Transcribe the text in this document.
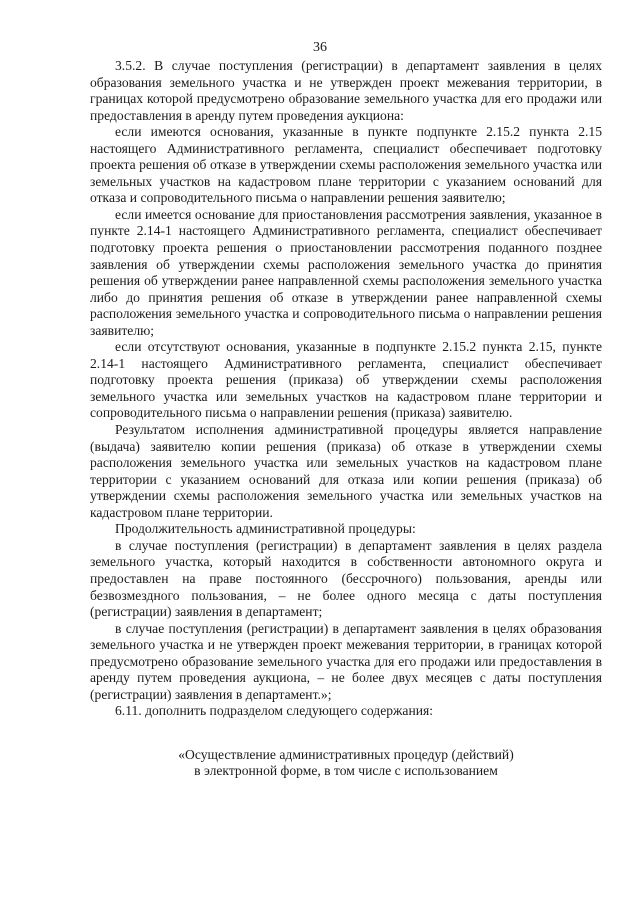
36

3.5.2. В случае поступления (регистрации) в департамент заявления в целях образования земельного участка и не утвержден проект межевания территории, в границах которой предусмотрено образование земельного участка для его продажи или предоставления в аренду путем проведения аукциона:

если имеются основания, указанные в пункте подпункте 2.15.2 пункта 2.15 настоящего Административного регламента, специалист обеспечивает подготовку проекта решения об отказе в утверждении схемы расположения земельного участка или земельных участков на кадастровом плане территории с указанием оснований для отказа и сопроводительного письма о направлении решения заявителю;

если имеется основание для приостановления рассмотрения заявления, указанное в пункте 2.14-1 настоящего Административного регламента, специалист обеспечивает подготовку проекта решения о приостановлении рассмотрения поданного позднее заявления об утверждении схемы расположения земельного участка до принятия решения об утверждении ранее направленной схемы расположения земельного участка либо до принятия решения об отказе в утверждении ранее направленной схемы расположения земельного участка и сопроводительного письма о направлении решения заявителю;

если отсутствуют основания, указанные в подпункте 2.15.2 пункта 2.15, пункте 2.14-1 настоящего Административного регламента, специалист обеспечивает подготовку проекта решения (приказа) об утверждении схемы расположения земельного участка или земельных участков на кадастровом плане территории и сопроводительного письма о направлении решения (приказа) заявителю.

Результатом исполнения административной процедуры является направление (выдача) заявителю копии решения (приказа) об отказе в утверждении схемы расположения земельного участка или земельных участков на кадастровом плане территории с указанием оснований для отказа или копии решения (приказа) об утверждении схемы расположения земельного участка или земельных участков на кадастровом плане территории.

Продолжительность административной процедуры:

в случае поступления (регистрации) в департамент заявления в целях раздела земельного участка, который находится в собственности автономного округа и предоставлен на праве постоянного (бессрочного) пользования, аренды или безвозмездного пользования, – не более одного месяца с даты поступления (регистрации) заявления в департамент;

в случае поступления (регистрации) в департамент заявления в целях образования земельного участка и не утвержден проект межевания территории, в границах которой предусмотрено образование земельного участка для его продажи или предоставления в аренду путем проведения аукциона, – не более двух месяцев с даты поступления (регистрации) заявления в департамент.»;

6.11. дополнить подразделом следующего содержания:

«Осуществление административных процедур (действий)
в электронной форме, в том числе с использованием
